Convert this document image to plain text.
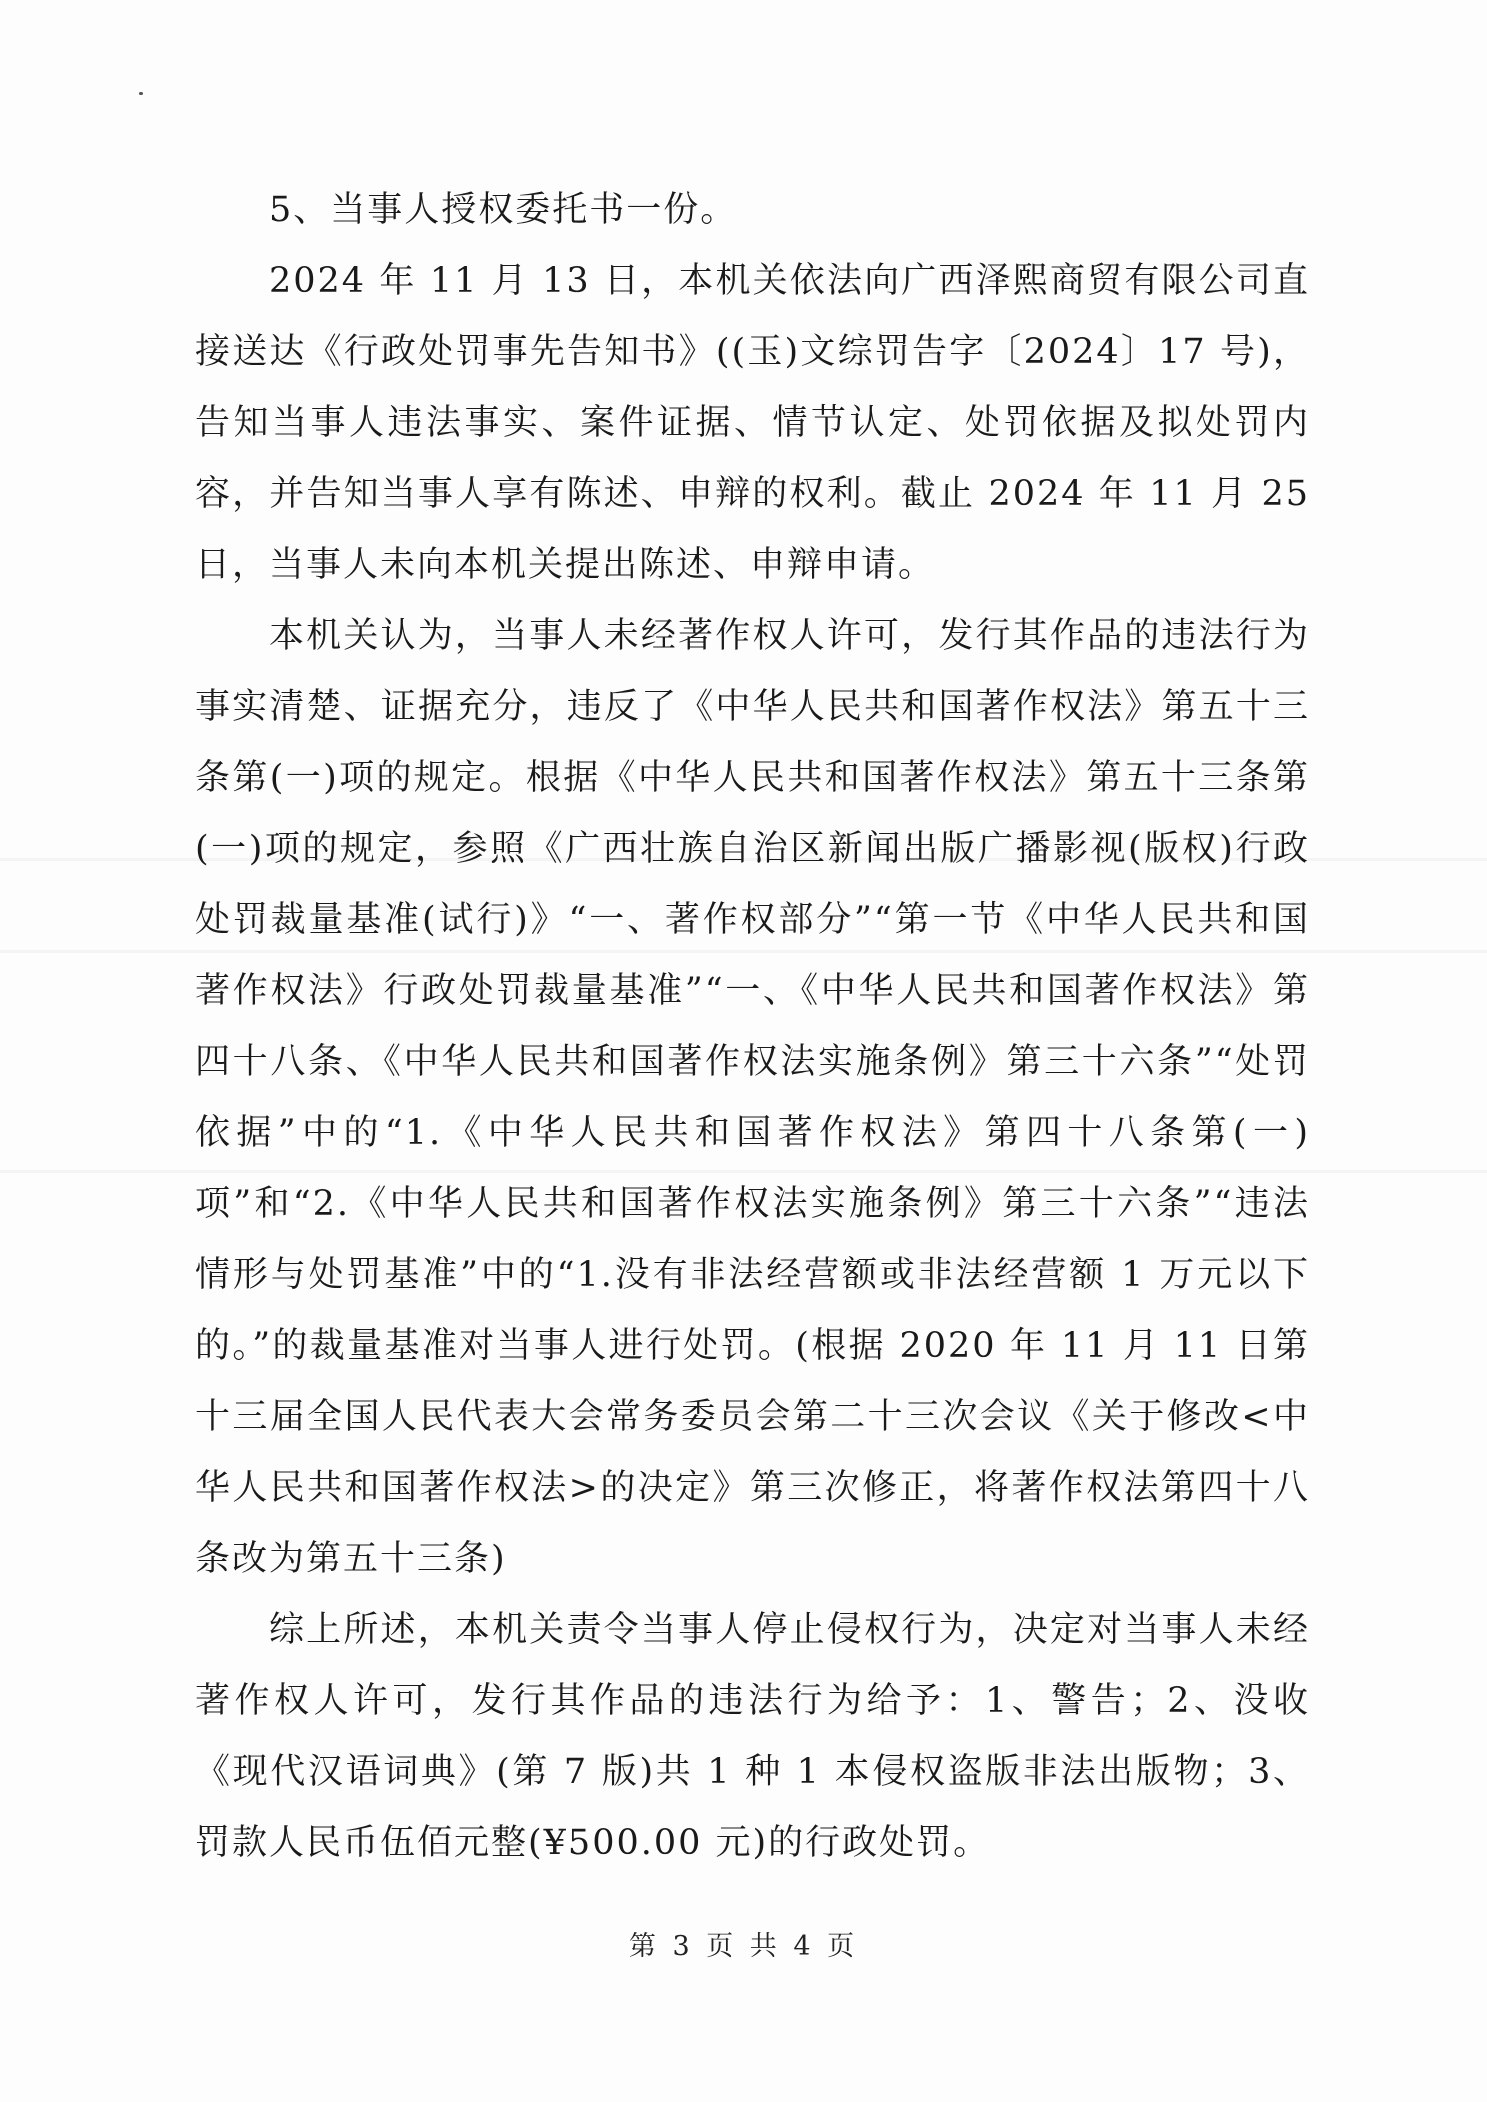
5、当事人授权委托书一份。

2024 年 11 月 13 日，本机关依法向广西泽熙商贸有限公司直接送达《行政处罚事先告知书》((玉)文综罚告字〔2024〕17 号)，告知当事人违法事实、案件证据、情节认定、处罚依据及拟处罚内容，并告知当事人享有陈述、申辩的权利。截止 2024 年 11 月 25 日，当事人未向本机关提出陈述、申辩申请。

本机关认为，当事人未经著作权人许可，发行其作品的违法行为事实清楚、证据充分，违反了《中华人民共和国著作权法》第五十三条第(一)项的规定。根据《中华人民共和国著作权法》第五十三条第(一)项的规定，参照《广西壮族自治区新闻出版广播影视(版权)行政处罚裁量基准(试行)》“一、著作权部分”“第一节《中华人民共和国著作权法》行政处罚裁量基准”“一、《中华人民共和国著作权法》第四十八条、《中华人民共和国著作权法实施条例》第三十六条”“处罚依据”中的“1.《中华人民共和国著作权法》第四十八条第(一)项”和“2.《中华人民共和国著作权法实施条例》第三十六条”“违法情形与处罚基准”中的“1.没有非法经营额或非法经营额 1 万元以下的。”的裁量基准对当事人进行处罚。(根据 2020 年 11 月 11 日第十三届全国人民代表大会常务委员会第二十三次会议《关于修改<中华人民共和国著作权法>的决定》第三次修正，将著作权法第四十八条改为第五十三条)

综上所述，本机关责令当事人停止侵权行为，决定对当事人未经著作权人许可，发行其作品的违法行为给予：1、警告；2、没收《现代汉语词典》(第 7 版)共 1 种 1 本侵权盗版非法出版物；3、罚款人民币伍佰元整(¥500.00 元)的行政处罚。

第 3 页 共 4 页
